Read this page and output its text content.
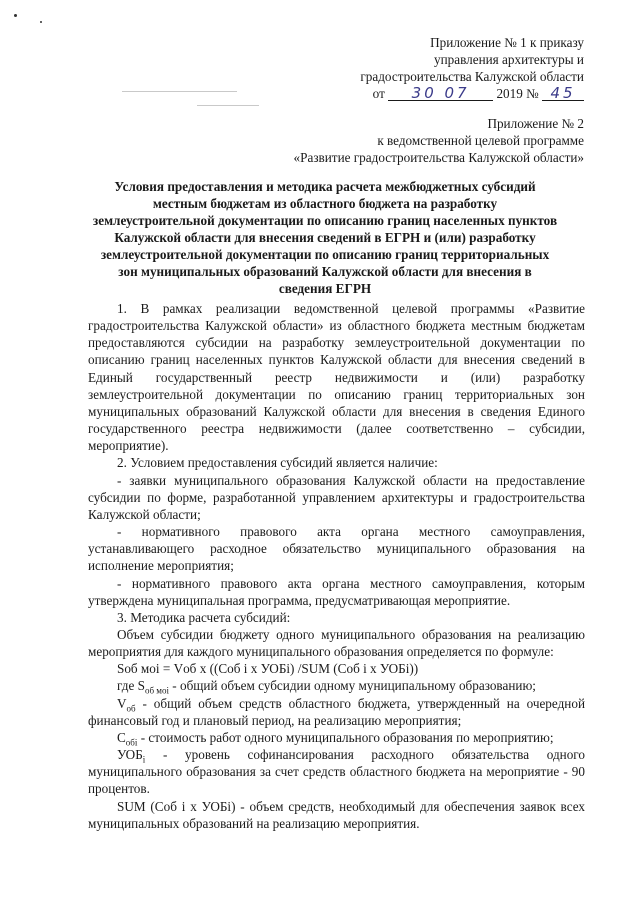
Приложение № 1 к приказу
управления архитектуры и
градостроительства Калужской области
от 30 07 2019 № 45
Приложение № 2
к ведомственной целевой программе
«Развитие градостроительства Калужской области»
Условия предоставления и методика расчета межбюджетных субсидий местным бюджетам из областного бюджета на разработку землеустроительной документации по описанию границ населенных пунктов Калужской области для внесения сведений в ЕГРН и (или) разработку землеустроительной документации по описанию границ территориальных зон муниципальных образований Калужской области для внесения в сведения ЕГРН

1. В рамках реализации ведомственной целевой программы «Развитие градостроительства Калужской области» из областного бюджета местным бюджетам предоставляются субсидии на разработку землеустроительной документации по описанию границ населенных пунктов Калужской области для внесения сведений в Единый государственный реестр недвижимости и (или) разработку землеустроительной документации по описанию границ территориальных зон муниципальных образований Калужской области для внесения в сведения Единого государственного реестра недвижимости (далее соответственно – субсидии, мероприятие).

2. Условием предоставления субсидий является наличие:

- заявки муниципального образования Калужской области на предоставление субсидии по форме, разработанной управлением архитектуры и градостроительства Калужской области;

- нормативного правового акта органа местного самоуправления, устанавливающего расходное обязательство муниципального образования на исполнение мероприятия;

- нормативного правового акта органа местного самоуправления, которым утверждена муниципальная программа, предусматривающая мероприятие.

3. Методика расчета субсидий:

Объем субсидии бюджету одного муниципального образования на реализацию мероприятия для каждого муниципального образования определяется по формуле:

Sоб моі = Vоб х ((Соб і х УОБі) /SUM (Соб і х УОБі))

где $S_{об моі}$ - общий объем субсидии одному муниципальному образованию;

$V_{об}$ - общий объем средств областного бюджета, утвержденный на очередной финансовый год и плановый период, на реализацию мероприятия;

$С_{обі}$ - стоимость работ одного муниципального образования по мероприятию;

$УОБ_і$ - уровень софинансирования расходного обязательства одного муниципального образования за счет средств областного бюджета на мероприятие - 90 процентов.

SUM (Соб і х УОБі) - объем средств, необходимый для обеспечения заявок всех муниципальных образований на реализацию мероприятия.
